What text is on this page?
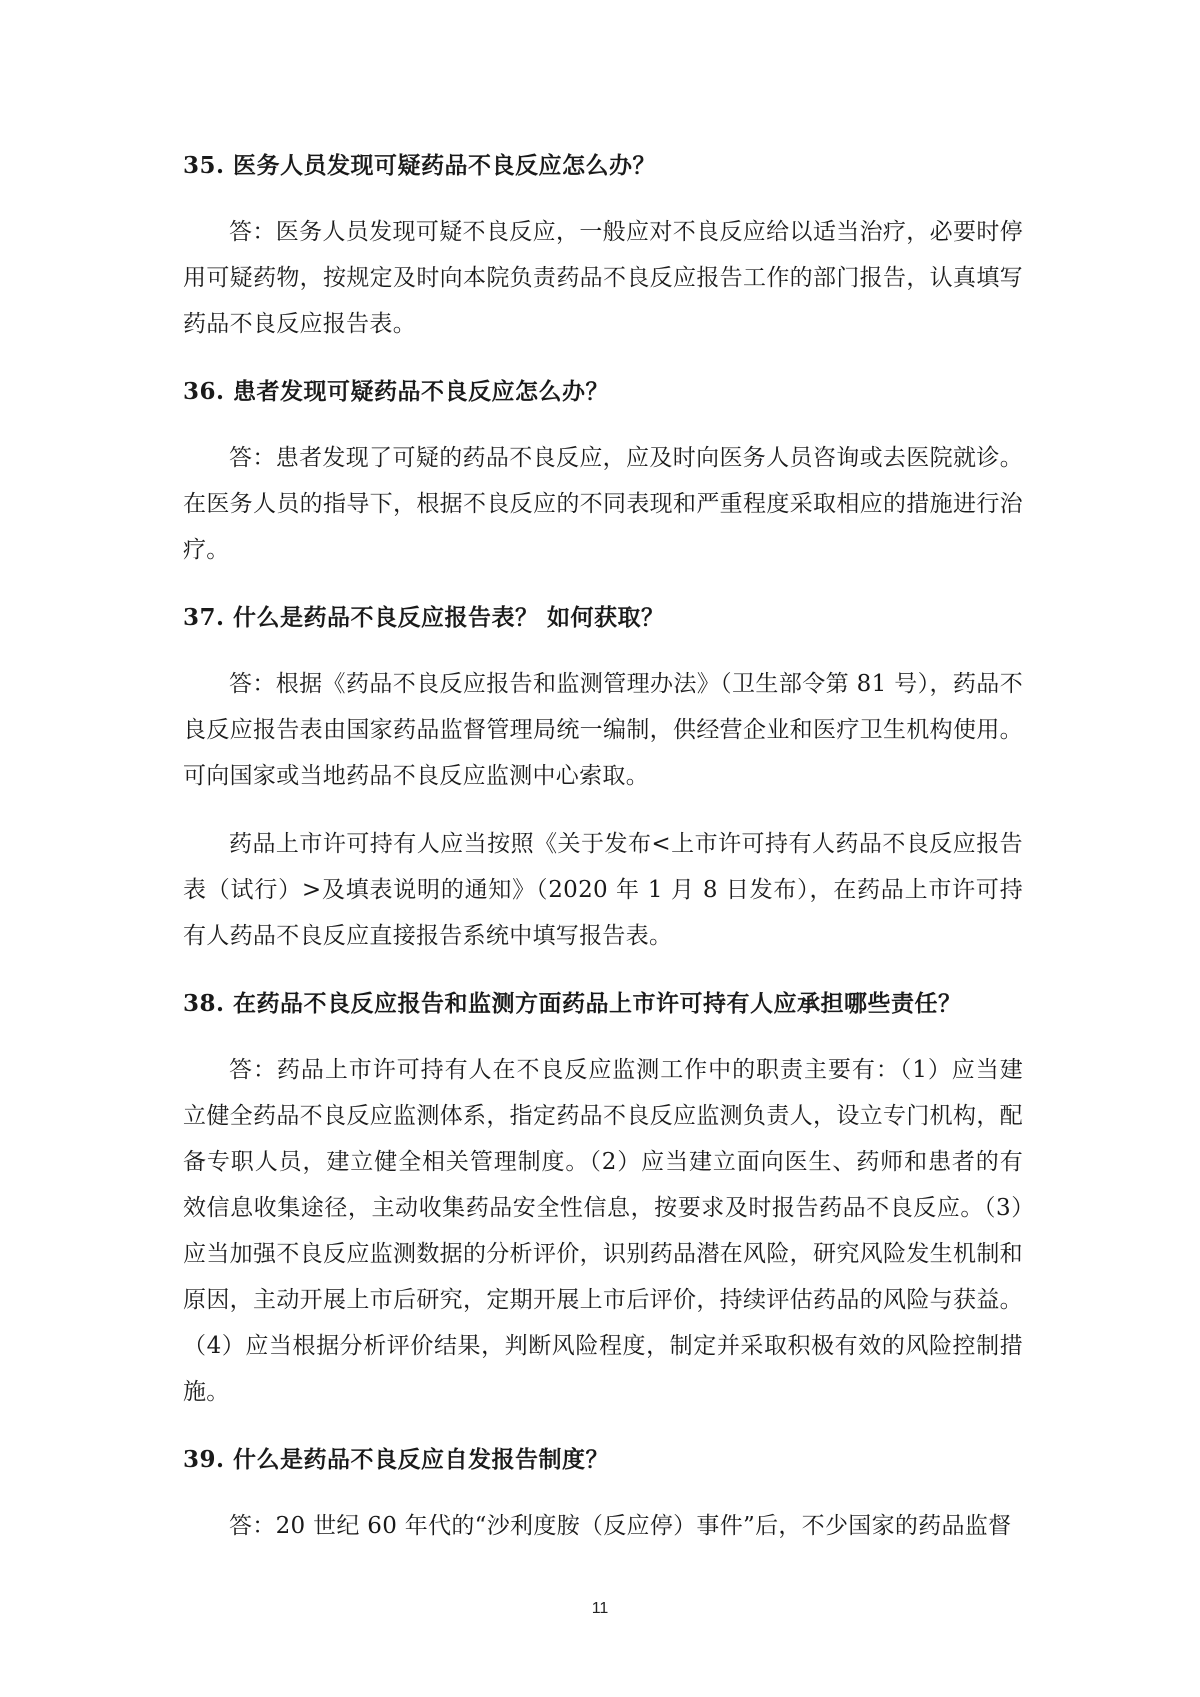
35. 医务人员发现可疑药品不良反应怎么办？

答：医务人员发现可疑不良反应，一般应对不良反应给以适当治疗，必要时停用可疑药物，按规定及时向本院负责药品不良反应报告工作的部门报告，认真填写药品不良反应报告表。

36. 患者发现可疑药品不良反应怎么办？

答：患者发现了可疑的药品不良反应，应及时向医务人员咨询或去医院就诊。在医务人员的指导下，根据不良反应的不同表现和严重程度采取相应的措施进行治疗。

37. 什么是药品不良反应报告表？ 如何获取？

答：根据《药品不良反应报告和监测管理办法》（卫生部令第 81 号），药品不良反应报告表由国家药品监督管理局统一编制，供经营企业和医疗卫生机构使用。可向国家或当地药品不良反应监测中心索取。

药品上市许可持有人应当按照《关于发布<上市许可持有人药品不良反应报告表（试行）>及填表说明的通知》（2020 年 1 月 8 日发布），在药品上市许可持有人药品不良反应直接报告系统中填写报告表。

38. 在药品不良反应报告和监测方面药品上市许可持有人应承担哪些责任？

答：药品上市许可持有人在不良反应监测工作中的职责主要有：（1）应当建立健全药品不良反应监测体系，指定药品不良反应监测负责人，设立专门机构，配备专职人员，建立健全相关管理制度。（2）应当建立面向医生、药师和患者的有效信息收集途径，主动收集药品安全性信息，按要求及时报告药品不良反应。（3）应当加强不良反应监测数据的分析评价，识别药品潜在风险，研究风险发生机制和原因，主动开展上市后研究，定期开展上市后评价，持续评估药品的风险与获益。（4）应当根据分析评价结果，判断风险程度，制定并采取积极有效的风险控制措施。

39. 什么是药品不良反应自发报告制度？

答：20 世纪 60 年代的“沙利度胺（反应停）事件”后，不少国家的药品监督

11
